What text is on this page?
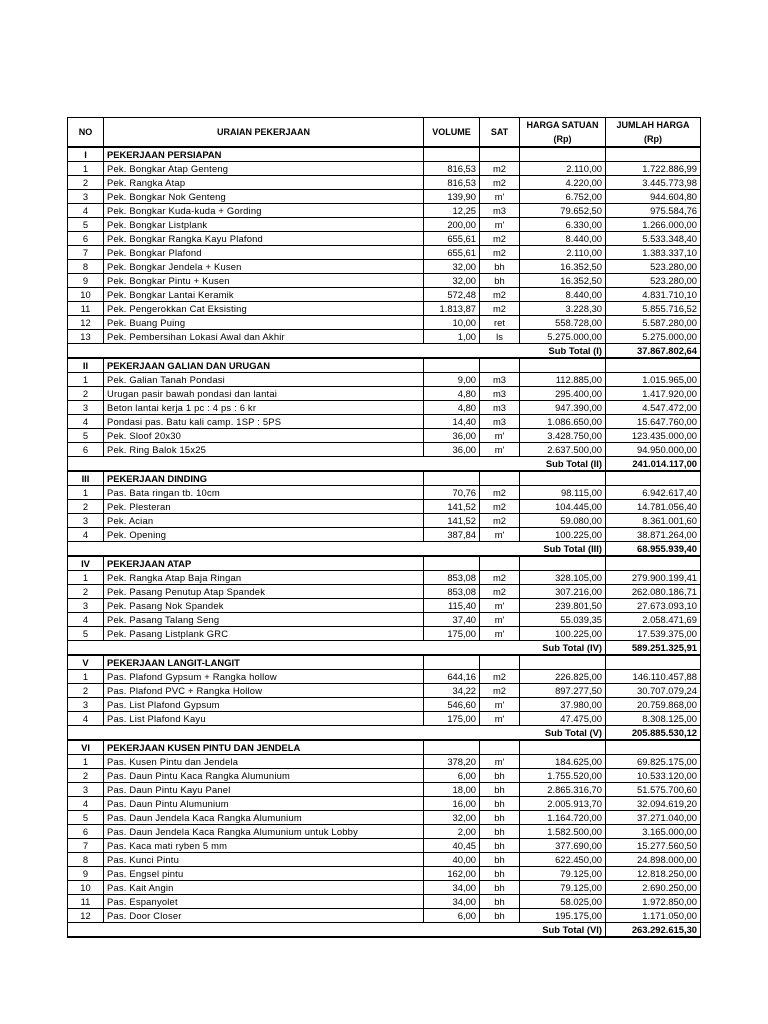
NO	URAIAN PEKERJAAN	VOLUME	SAT	HARGA SATUAN	JUMLAH HARGA
				(Rp)	(Rp)
I	PEKERJAAN PERSIAPAN				
1	Pek. Bongkar Atap Genteng	816,53	m2	2.110,00	1.722.886,99
2	Pek. Rangka Atap	816,53	m2	4.220,00	3.445.773,98
3	Pek. Bongkar Nok Genteng	139,90	m'	6.752,00	944.604,80
4	Pek. Bongkar Kuda-kuda + Gording	12,25	m3	79.652,50	975.584,76
5	Pek. Bongkar Listplank	200,00	m'	6.330,00	1.266.000,00
6	Pek. Bongkar Rangka Kayu Plafond	655,61	m2	8.440,00	5.533.348,40
7	Pek. Bongkar Plafond	655,61	m2	2.110,00	1.383.337,10
8	Pek. Bongkar Jendela + Kusen	32,00	bh	16.352,50	523.280,00
9	Pek. Bongkar Pintu + Kusen	32,00	bh	16.352,50	523.280,00
10	Pek. Bongkar Lantai Keramik	572,48	m2	8.440,00	4.831.710,10
11	Pek. Pengerokkan Cat Eksisting	1.813,87	m2	3.228,30	5.855.716,52
12	Pek. Buang Puing	10,00	ret	558.728,00	5.587.280,00
13	Pek. Pembersihan Lokasi Awal dan Akhir	1,00	ls	5.275.000,00	5.275.000,00
				Sub Total (I)	37.867.802,64
II	PEKERJAAN GALIAN DAN URUGAN				
1	Pek. Galian Tanah Pondasi	9,00	m3	112.885,00	1.015.965,00
2	Urugan pasir bawah pondasi dan lantai	4,80	m3	295.400,00	1.417.920,00
3	Beton lantai kerja 1 pc : 4 ps : 6 kr	4,80	m3	947.390,00	4.547.472,00
4	Pondasi pas. Batu kali camp. 1SP : 5PS	14,40	m3	1.086.650,00	15.647.760,00
5	Pek. Sloof 20x30	36,00	m'	3.428.750,00	123.435.000,00
6	Pek. Ring Balok 15x25	36,00	m'	2.637.500,00	94.950.000,00
				Sub Total (II)	241.014.117,00
III	PEKERJAAN DINDING				
1	Pas. Bata ringan tb. 10cm	70,76	m2	98.115,00	6.942.617,40
2	Pek. Plesteran	141,52	m2	104.445,00	14.781.056,40
3	Pek. Acian	141,52	m2	59.080,00	8.361.001,60
4	Pek. Opening	387,84	m'	100.225,00	38.871.264,00
				Sub Total (III)	68.955.939,40
IV	PEKERJAAN ATAP				
1	Pek. Rangka Atap Baja Ringan	853,08	m2	328.105,00	279.900.199,41
2	Pek. Pasang Penutup Atap Spandek	853,08	m2	307.216,00	262.080.186,71
3	Pek. Pasang Nok Spandek	115,40	m'	239.801,50	27.673.093,10
4	Pek. Pasang Talang Seng	37,40	m'	55.039,35	2.058.471,69
5	Pek. Pasang Listplank GRC	175,00	m'	100.225,00	17.539.375,00
				Sub Total (IV)	589.251.325,91
V	PEKERJAAN LANGIT-LANGIT				
1	Pas. Plafond Gypsum + Rangka hollow	644,16	m2	226.825,00	146.110.457,88
2	Pas. Plafond PVC + Rangka Hollow	34,22	m2	897.277,50	30.707.079,24
3	Pas. List Plafond Gypsum	546,60	m'	37.980,00	20.759.868,00
4	Pas. List Plafond Kayu	175,00	m'	47.475,00	8.308.125,00
				Sub Total (V)	205.885.530,12
VI	PEKERJAAN KUSEN PINTU DAN JENDELA				
1	Pas. Kusen Pintu dan Jendela	378,20	m'	184.625,00	69.825.175,00
2	Pas. Daun Pintu Kaca Rangka Alumunium	6,00	bh	1.755.520,00	10.533.120,00
3	Pas. Daun Pintu Kayu Panel	18,00	bh	2.865.316,70	51.575.700,60
4	Pas. Daun Pintu Alumunium	16,00	bh	2.005.913,70	32.094.619,20
5	Pas. Daun Jendela Kaca Rangka Alumunium	32,00	bh	1.164.720,00	37.271.040,00
6	Pas. Daun Jendela Kaca Rangka Alumunium untuk Lobby	2,00	bh	1.582.500,00	3.165.000,00
7	Pas. Kaca mati ryben 5 mm	40,45	bh	377.690,00	15.277.560,50
8	Pas. Kunci Pintu	40,00	bh	622.450,00	24.898.000,00
9	Pas. Engsel pintu	162,00	bh	79.125,00	12.818.250,00
10	Pas. Kait Angin	34,00	bh	79.125,00	2.690.250,00
11	Pas. Espanyolet	34,00	bh	58.025,00	1.972.850,00
12	Pas. Door Closer	6,00	bh	195.175,00	1.171.050,00
				Sub Total (VI)	263.292.615,30
